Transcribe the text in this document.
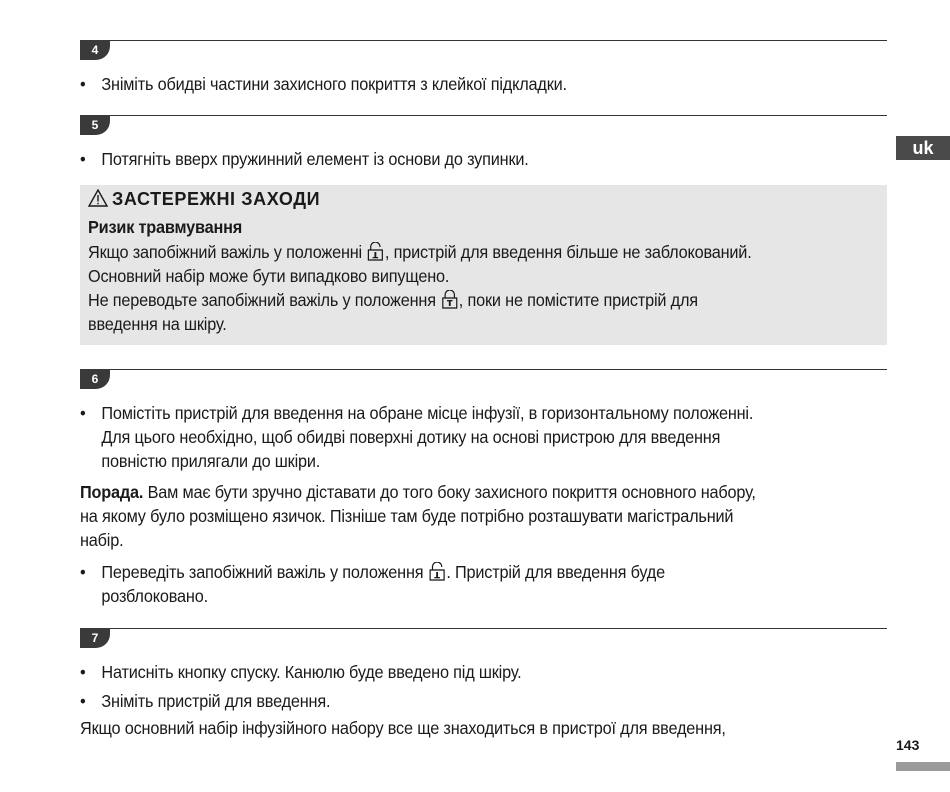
uk
143
4
• Зніміть обидві частини захисного покриття з клейкої підкладки.
5
• Потягніть вверх пружинний елемент із основи до зупинки.
ЗАСТЕРЕЖНІ ЗАХОДИ
Ризик травмування
Якщо запобіжний важіль у положенні , пристрій для введення більше не заблокований.
Основний набір може бути випадково випущено.
Не переводьте запобіжний важіль у положення , поки не помістите пристрій для
введення на шкіру.
6
• Помістіть пристрій для введення на обране місце інфузії, в горизонтальному положенні.
Для цього необхідно, щоб обидві поверхні дотику на основі пристрою для введення
повністю прилягали до шкіри.
Порада. Вам має бути зручно діставати до того боку захисного покриття основного набору,
на якому було розміщено язичок. Пізніше там буде потрібно розташувати магістральний
набір.
• Переведіть запобіжний важіль у положення . Пристрій для введення буде
розблоковано.
7
• Натисніть кнопку спуску. Канюлю буде введено під шкіру.
• Зніміть пристрій для введення.
Якщо основний набір інфузійного набору все ще знаходиться в пристрої для введення,
